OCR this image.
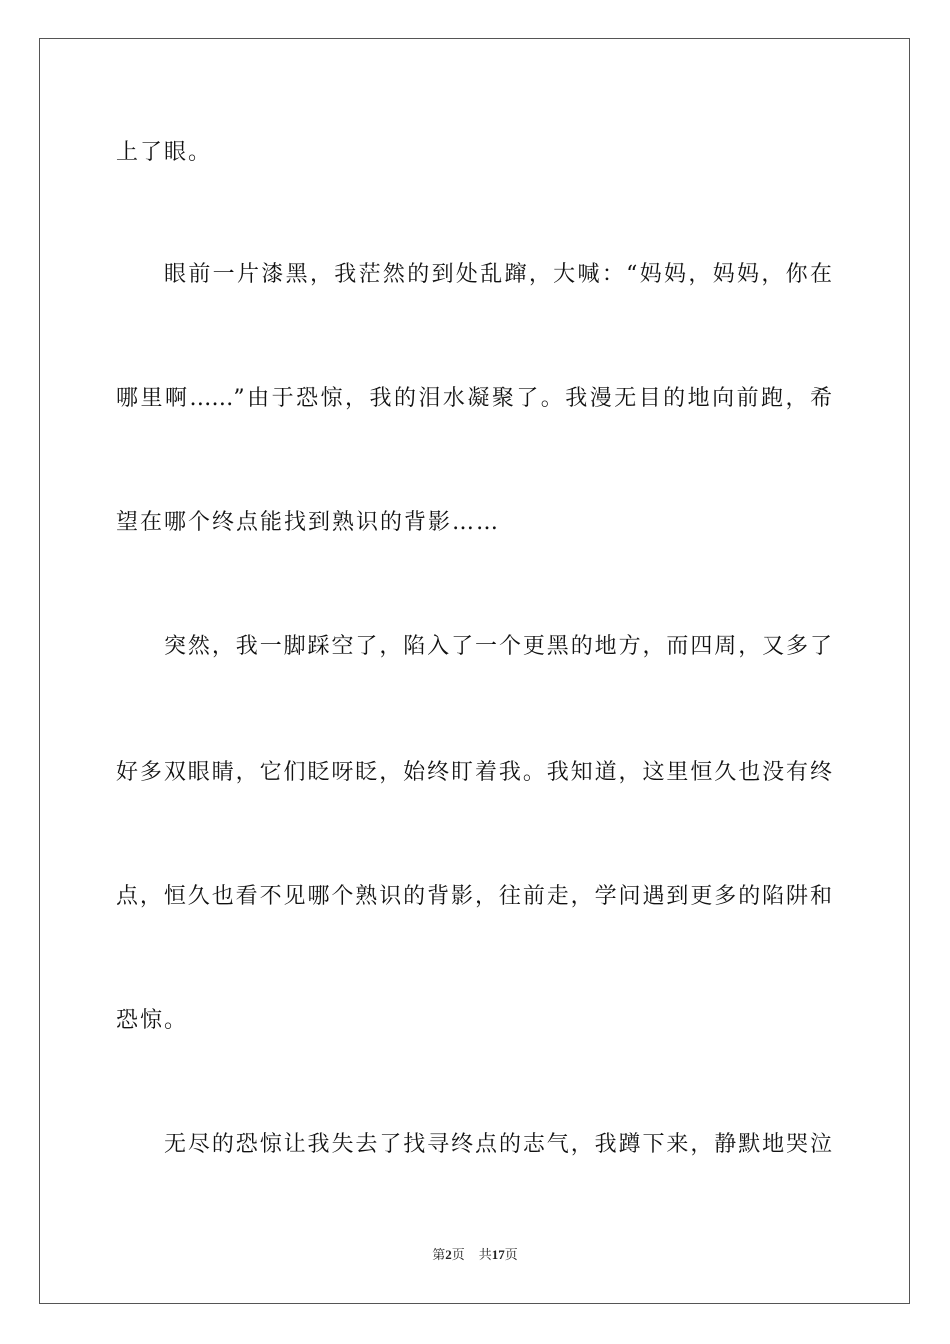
上了眼。
眼前一片漆黑，我茫然的到处乱蹿，大喊：“妈妈，妈妈，你在
哪里啊……”由于恐惊，我的泪水凝聚了。我漫无目的地向前跑，希
望在哪个终点能找到熟识的背影……
突然，我一脚踩空了，陷入了一个更黑的地方，而四周，又多了
好多双眼睛，它们眨呀眨，始终盯着我。我知道，这里恒久也没有终
点，恒久也看不见哪个熟识的背影，往前走，学问遇到更多的陷阱和
恐惊。
无尽的恐惊让我失去了找寻终点的志气，我蹲下来，静默地哭泣
第2页 共17页
